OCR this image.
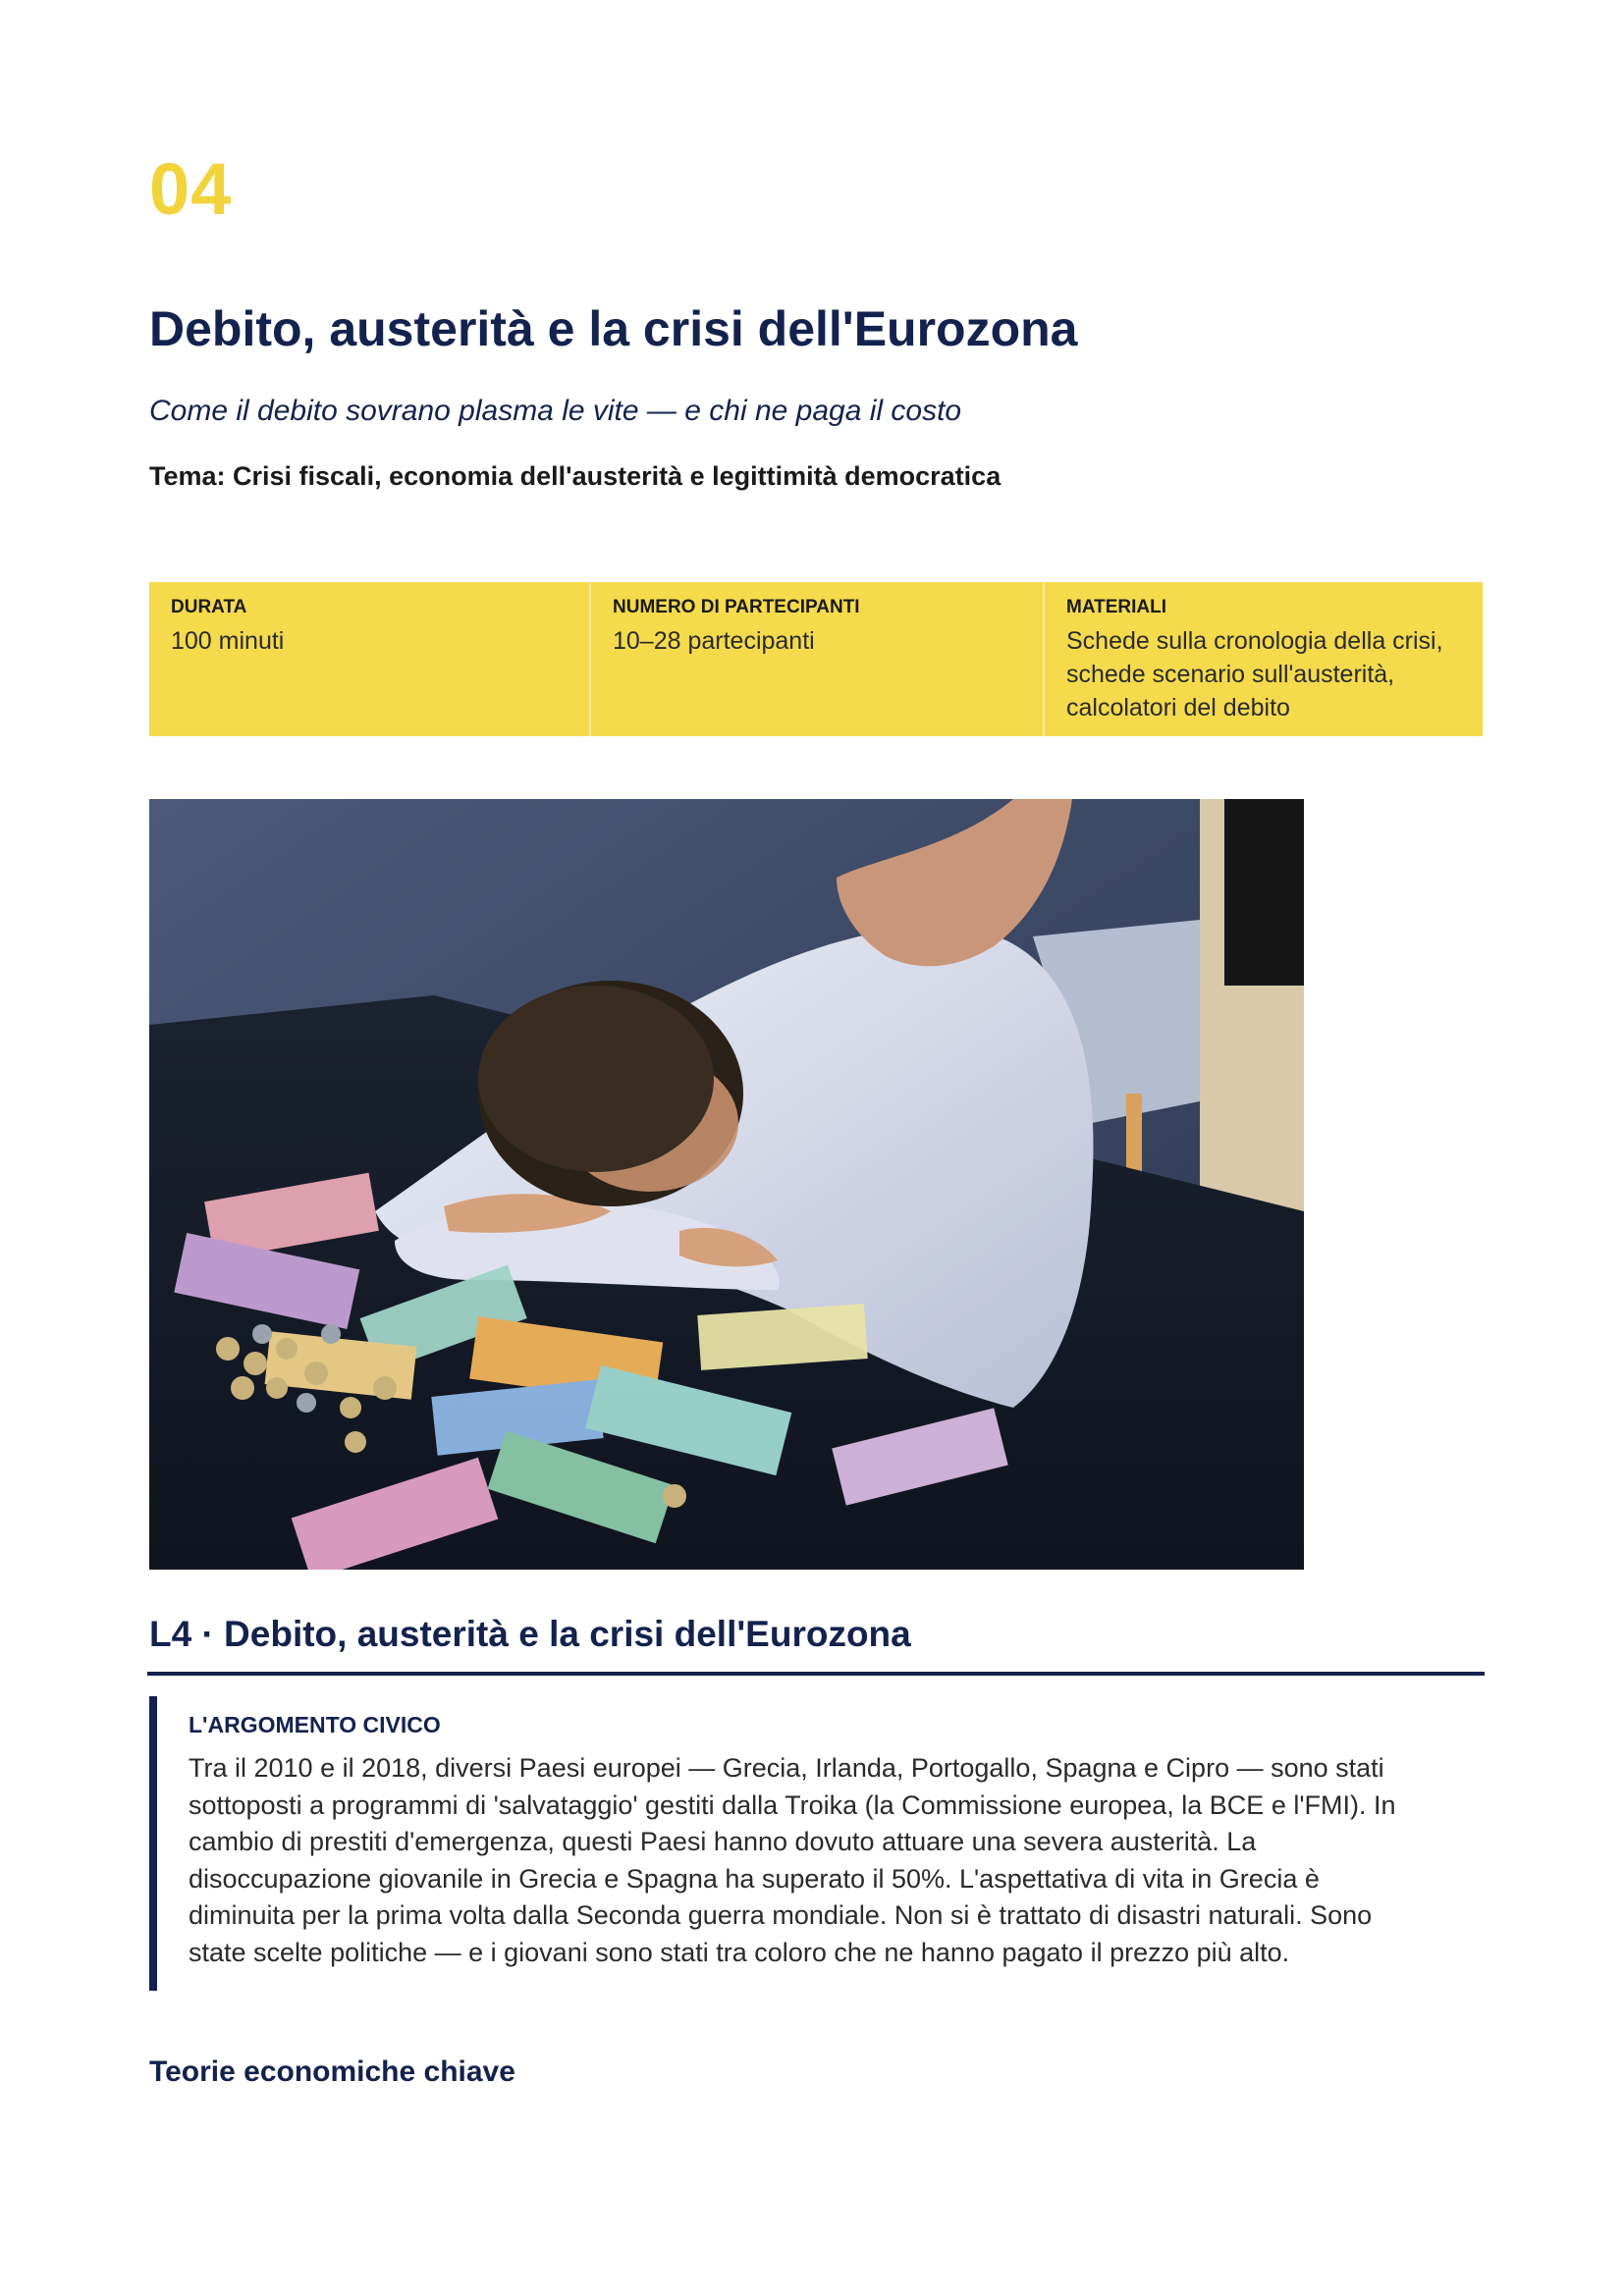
04
Debito, austerità e la crisi dell'Eurozona
Come il debito sovrano plasma le vite — e chi ne paga il costo
Tema: Crisi fiscali, economia dell'austerità e legittimità democratica
DURATA
100 minuti
NUMERO DI PARTECIPANTI
10–28 partecipanti
MATERIALI
Schede sulla cronologia della crisi,
schede scenario sull'austerità,
calcolatori del debito
L4 · Debito, austerità e la crisi dell'Eurozona
L'ARGOMENTO CIVICO
Tra il 2010 e il 2018, diversi Paesi europei — Grecia, Irlanda, Portogallo, Spagna e Cipro — sono stati
sottoposti a programmi di 'salvataggio' gestiti dalla Troika (la Commissione europea, la BCE e l'FMI). In
cambio di prestiti d'emergenza, questi Paesi hanno dovuto attuare una severa austerità. La
disoccupazione giovanile in Grecia e Spagna ha superato il 50%. L'aspettativa di vita in Grecia è
diminuita per la prima volta dalla Seconda guerra mondiale. Non si è trattato di disastri naturali. Sono
state scelte politiche — e i giovani sono stati tra coloro che ne hanno pagato il prezzo più alto.
Teorie economiche chiave
